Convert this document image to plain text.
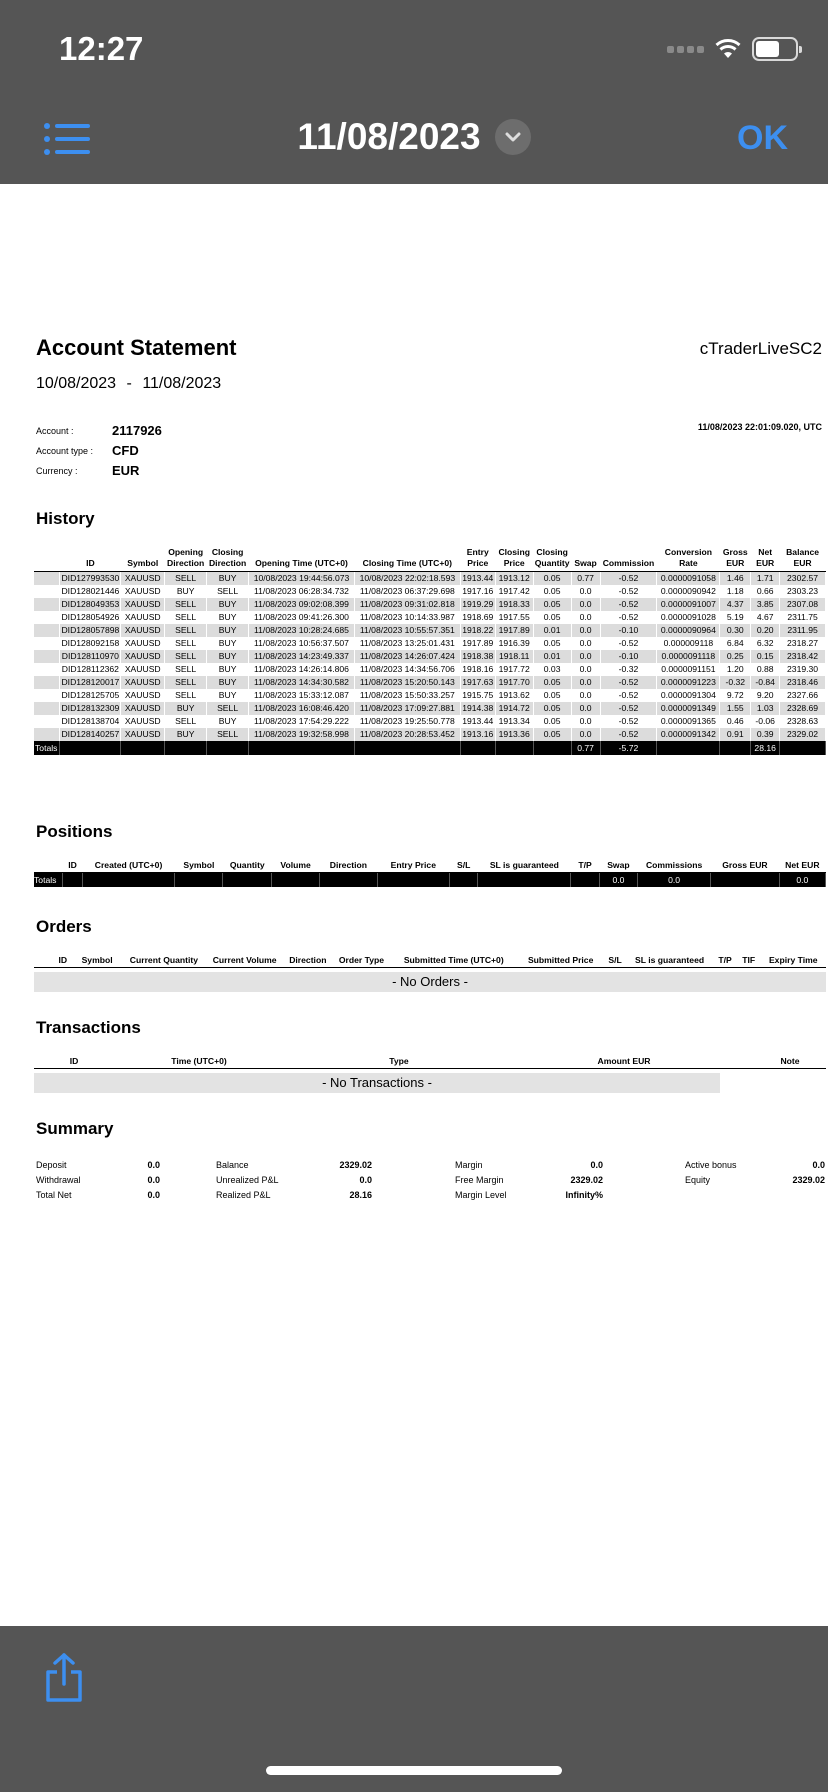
12:27
11/08/2023	OK
Account Statement	cTraderLiveSC2
10/08/2023 - 11/08/2023
11/08/2023 22:01:09.020, UTC
Account :	2117926
Account type : CFD
Currency :	EUR
History
	ID	Symbol	Opening Direction	Closing Direction	Opening Time (UTC+0)	Closing Time (UTC+0)	Entry Price	Closing Price	Closing Quantity	Swap	Commission	Conversion Rate	Gross EUR	Net EUR	Balance EUR
	DID127993530	XAUUSD	SELL	BUY	10/08/2023 19:44:56.073	10/08/2023 22:02:18.593	1913.44	1913.12	0.05	0.77	-0.52	0.0000091058	1.46	1.71	2302.57
	DID128021446	XAUUSD	BUY	SELL	11/08/2023 06:28:34.732	11/08/2023 06:37:29.698	1917.16	1917.42	0.05	0.0	-0.52	0.0000090942	1.18	0.66	2303.23
	DID128049353	XAUUSD	SELL	BUY	11/08/2023 09:02:08.399	11/08/2023 09:31:02.818	1919.29	1918.33	0.05	0.0	-0.52	0.0000091007	4.37	3.85	2307.08
	DID128054926	XAUUSD	SELL	BUY	11/08/2023 09:41:26.300	11/08/2023 10:14:33.987	1918.69	1917.55	0.05	0.0	-0.52	0.0000091028	5.19	4.67	2311.75
	DID128057898	XAUUSD	SELL	BUY	11/08/2023 10:28:24.685	11/08/2023 10:55:57.351	1918.22	1917.89	0.01	0.0	-0.10	0.0000090964	0.30	0.20	2311.95
	DID128092158	XAUUSD	SELL	BUY	11/08/2023 10:56:37.507	11/08/2023 13:25:01.431	1917.89	1916.39	0.05	0.0	-0.52	0.000009118	6.84	6.32	2318.27
	DID128110970	XAUUSD	SELL	BUY	11/08/2023 14:23:49.337	11/08/2023 14:26:07.424	1918.38	1918.11	0.01	0.0	-0.10	0.0000091118	0.25	0.15	2318.42
	DID128112362	XAUUSD	SELL	BUY	11/08/2023 14:26:14.806	11/08/2023 14:34:56.706	1918.16	1917.72	0.03	0.0	-0.32	0.0000091151	1.20	0.88	2319.30
	DID128120017	XAUUSD	SELL	BUY	11/08/2023 14:34:30.582	11/08/2023 15:20:50.143	1917.63	1917.70	0.05	0.0	-0.52	0.0000091223	-0.32	-0.84	2318.46
	DID128125705	XAUUSD	SELL	BUY	11/08/2023 15:33:12.087	11/08/2023 15:50:33.257	1915.75	1913.62	0.05	0.0	-0.52	0.0000091304	9.72	9.20	2327.66
	DID128132309	XAUUSD	BUY	SELL	11/08/2023 16:08:46.420	11/08/2023 17:09:27.881	1914.38	1914.72	0.05	0.0	-0.52	0.0000091349	1.55	1.03	2328.69
	DID128138704	XAUUSD	SELL	BUY	11/08/2023 17:54:29.222	11/08/2023 19:25:50.778	1913.44	1913.34	0.05	0.0	-0.52	0.0000091365	0.46	-0.06	2328.63
	DID128140257	XAUUSD	BUY	SELL	11/08/2023 19:32:58.998	11/08/2023 20:28:53.452	1913.16	1913.36	0.05	0.0	-0.52	0.0000091342	0.91	0.39	2329.02
Totals										0.77	-5.72			28.16	
Positions
	ID	Created (UTC+0)	Symbol	Quantity	Volume	Direction	Entry Price	S/L	SL is guaranteed	T/P	Swap	Commissions	Gross EUR	Net EUR
Totals											0.0	0.0		0.0
Orders
	ID	Symbol	Current Quantity	Current Volume	Direction	Order Type	Submitted Time (UTC+0)	Submitted Price	S/L	SL is guaranteed	T/P	TIF	Expiry Time
- No Orders -
Transactions
	ID	Time (UTC+0)	Type	Amount EUR	Note
- No Transactions -
Summary
Deposit	0.0
Withdrawal	0.0
Total Net	0.0
Balance	2329.02
Unrealized P&L	0.0
Realized P&L	28.16
Margin	0.0
Free Margin	2329.02
Margin Level	Infinity%
Active bonus	0.0
Equity	2329.02
